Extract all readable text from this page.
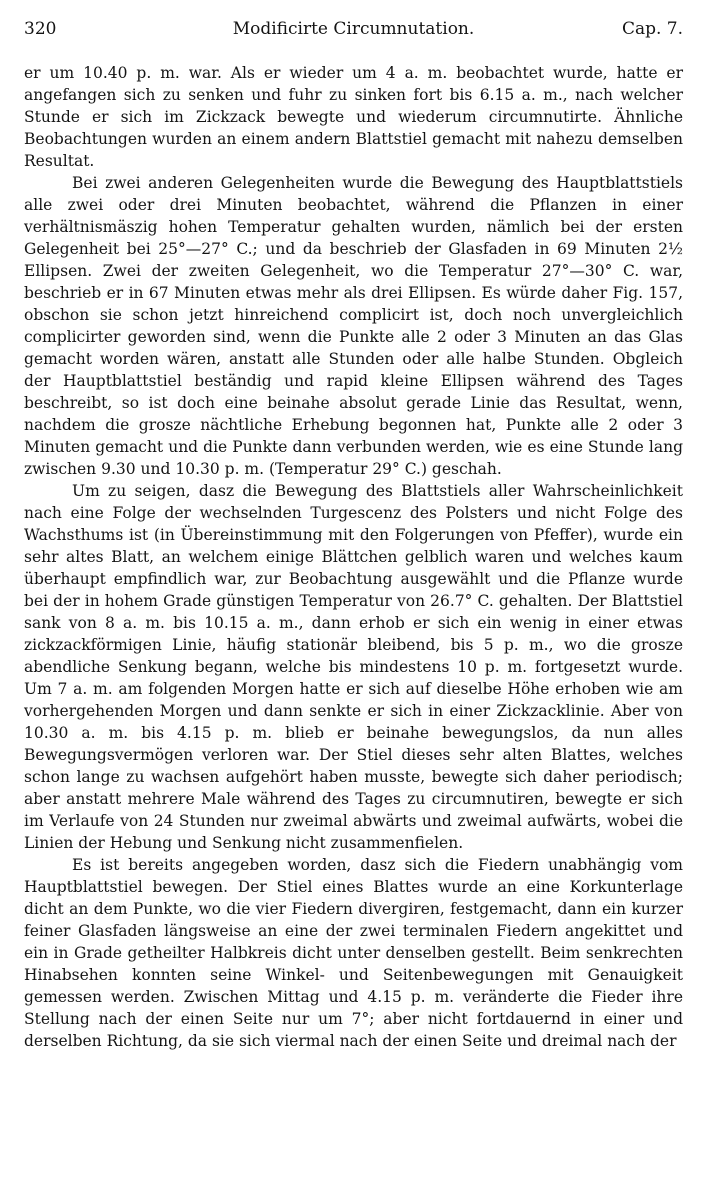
320	Modificirte Circumnutation.	Cap. 7.

er um 10.40 p. m. war. Als er wieder um 4 a. m. beobachtet wurde, hatte er angefangen sich zu senken und fuhr zu sinken fort bis 6.15 a. m., nach welcher Stunde er sich im Zickzack bewegte und wiederum circumnutirte. Ähnliche Beobachtungen wurden an einem andern Blattstiel gemacht mit nahezu demselben Resultat.

Bei zwei anderen Gelegenheiten wurde die Bewegung des Hauptblattstiels alle zwei oder drei Minuten beobachtet, während die Pflanzen in einer verhältnismäszig hohen Temperatur gehalten wurden, nämlich bei der ersten Gelegenheit bei 25°—27° C.; und da beschrieb der Glasfaden in 69 Minuten 2½ Ellipsen. Zwei der zweiten Gelegenheit, wo die Temperatur 27°—30° C. war, beschrieb er in 67 Minuten etwas mehr als drei Ellipsen. Es würde daher Fig. 157, obschon sie schon jetzt hinreichend complicirt ist, doch noch unvergleichlich complicirter geworden sind, wenn die Punkte alle 2 oder 3 Minuten an das Glas gemacht worden wären, anstatt alle Stunden oder alle halbe Stunden. Obgleich der Hauptblattstiel beständig und rapid kleine Ellipsen während des Tages beschreibt, so ist doch eine beinahe absolut gerade Linie das Resultat, wenn, nachdem die grosze nächtliche Erhebung begonnen hat, Punkte alle 2 oder 3 Minuten gemacht und die Punkte dann verbunden werden, wie es eine Stunde lang zwischen 9.30 und 10.30 p. m. (Temperatur 29° C.) geschah.

Um zu seigen, dasz die Bewegung des Blattstiels aller Wahrscheinlichkeit nach eine Folge der wechselnden Turgescenz des Polsters und nicht Folge des Wachsthums ist (in Übereinstimmung mit den Folgerungen von Pfeffer), wurde ein sehr altes Blatt, an welchem einige Blättchen gelblich waren und welches kaum überhaupt empfindlich war, zur Beobachtung ausgewählt und die Pflanze wurde bei der in hohem Grade günstigen Temperatur von 26.7° C. gehalten. Der Blattstiel sank von 8 a. m. bis 10.15 a. m., dann erhob er sich ein wenig in einer etwas zickzackförmigen Linie, häufig stationär bleibend, bis 5 p. m., wo die grosze abendliche Senkung begann, welche bis mindestens 10 p. m. fortgesetzt wurde. Um 7 a. m. am folgenden Morgen hatte er sich auf dieselbe Höhe erhoben wie am vorhergehenden Morgen und dann senkte er sich in einer Zickzacklinie. Aber von 10.30 a. m. bis 4.15 p. m. blieb er beinahe bewegungslos, da nun alles Bewegungsvermögen verloren war. Der Stiel dieses sehr alten Blattes, welches schon lange zu wachsen aufgehört haben musste, bewegte sich daher periodisch; aber anstatt mehrere Male während des Tages zu circumnutiren, bewegte er sich im Verlaufe von 24 Stunden nur zweimal abwärts und zweimal aufwärts, wobei die Linien der Hebung und Senkung nicht zusammenfielen.

Es ist bereits angegeben worden, dasz sich die Fiedern unabhängig vom Hauptblattstiel bewegen. Der Stiel eines Blattes wurde an eine Korkunterlage dicht an dem Punkte, wo die vier Fiedern divergiren, festgemacht, dann ein kurzer feiner Glasfaden längsweise an eine der zwei terminalen Fiedern angekittet und ein in Grade getheilter Halbkreis dicht unter denselben gestellt. Beim senkrechten Hinabsehen konnten seine Winkel- und Seitenbewegungen mit Genauigkeit gemessen werden. Zwischen Mittag und 4.15 p. m. veränderte die Fieder ihre Stellung nach der einen Seite nur um 7°; aber nicht fortdauernd in einer und derselben Richtung, da sie sich viermal nach der einen Seite und dreimal nach der
